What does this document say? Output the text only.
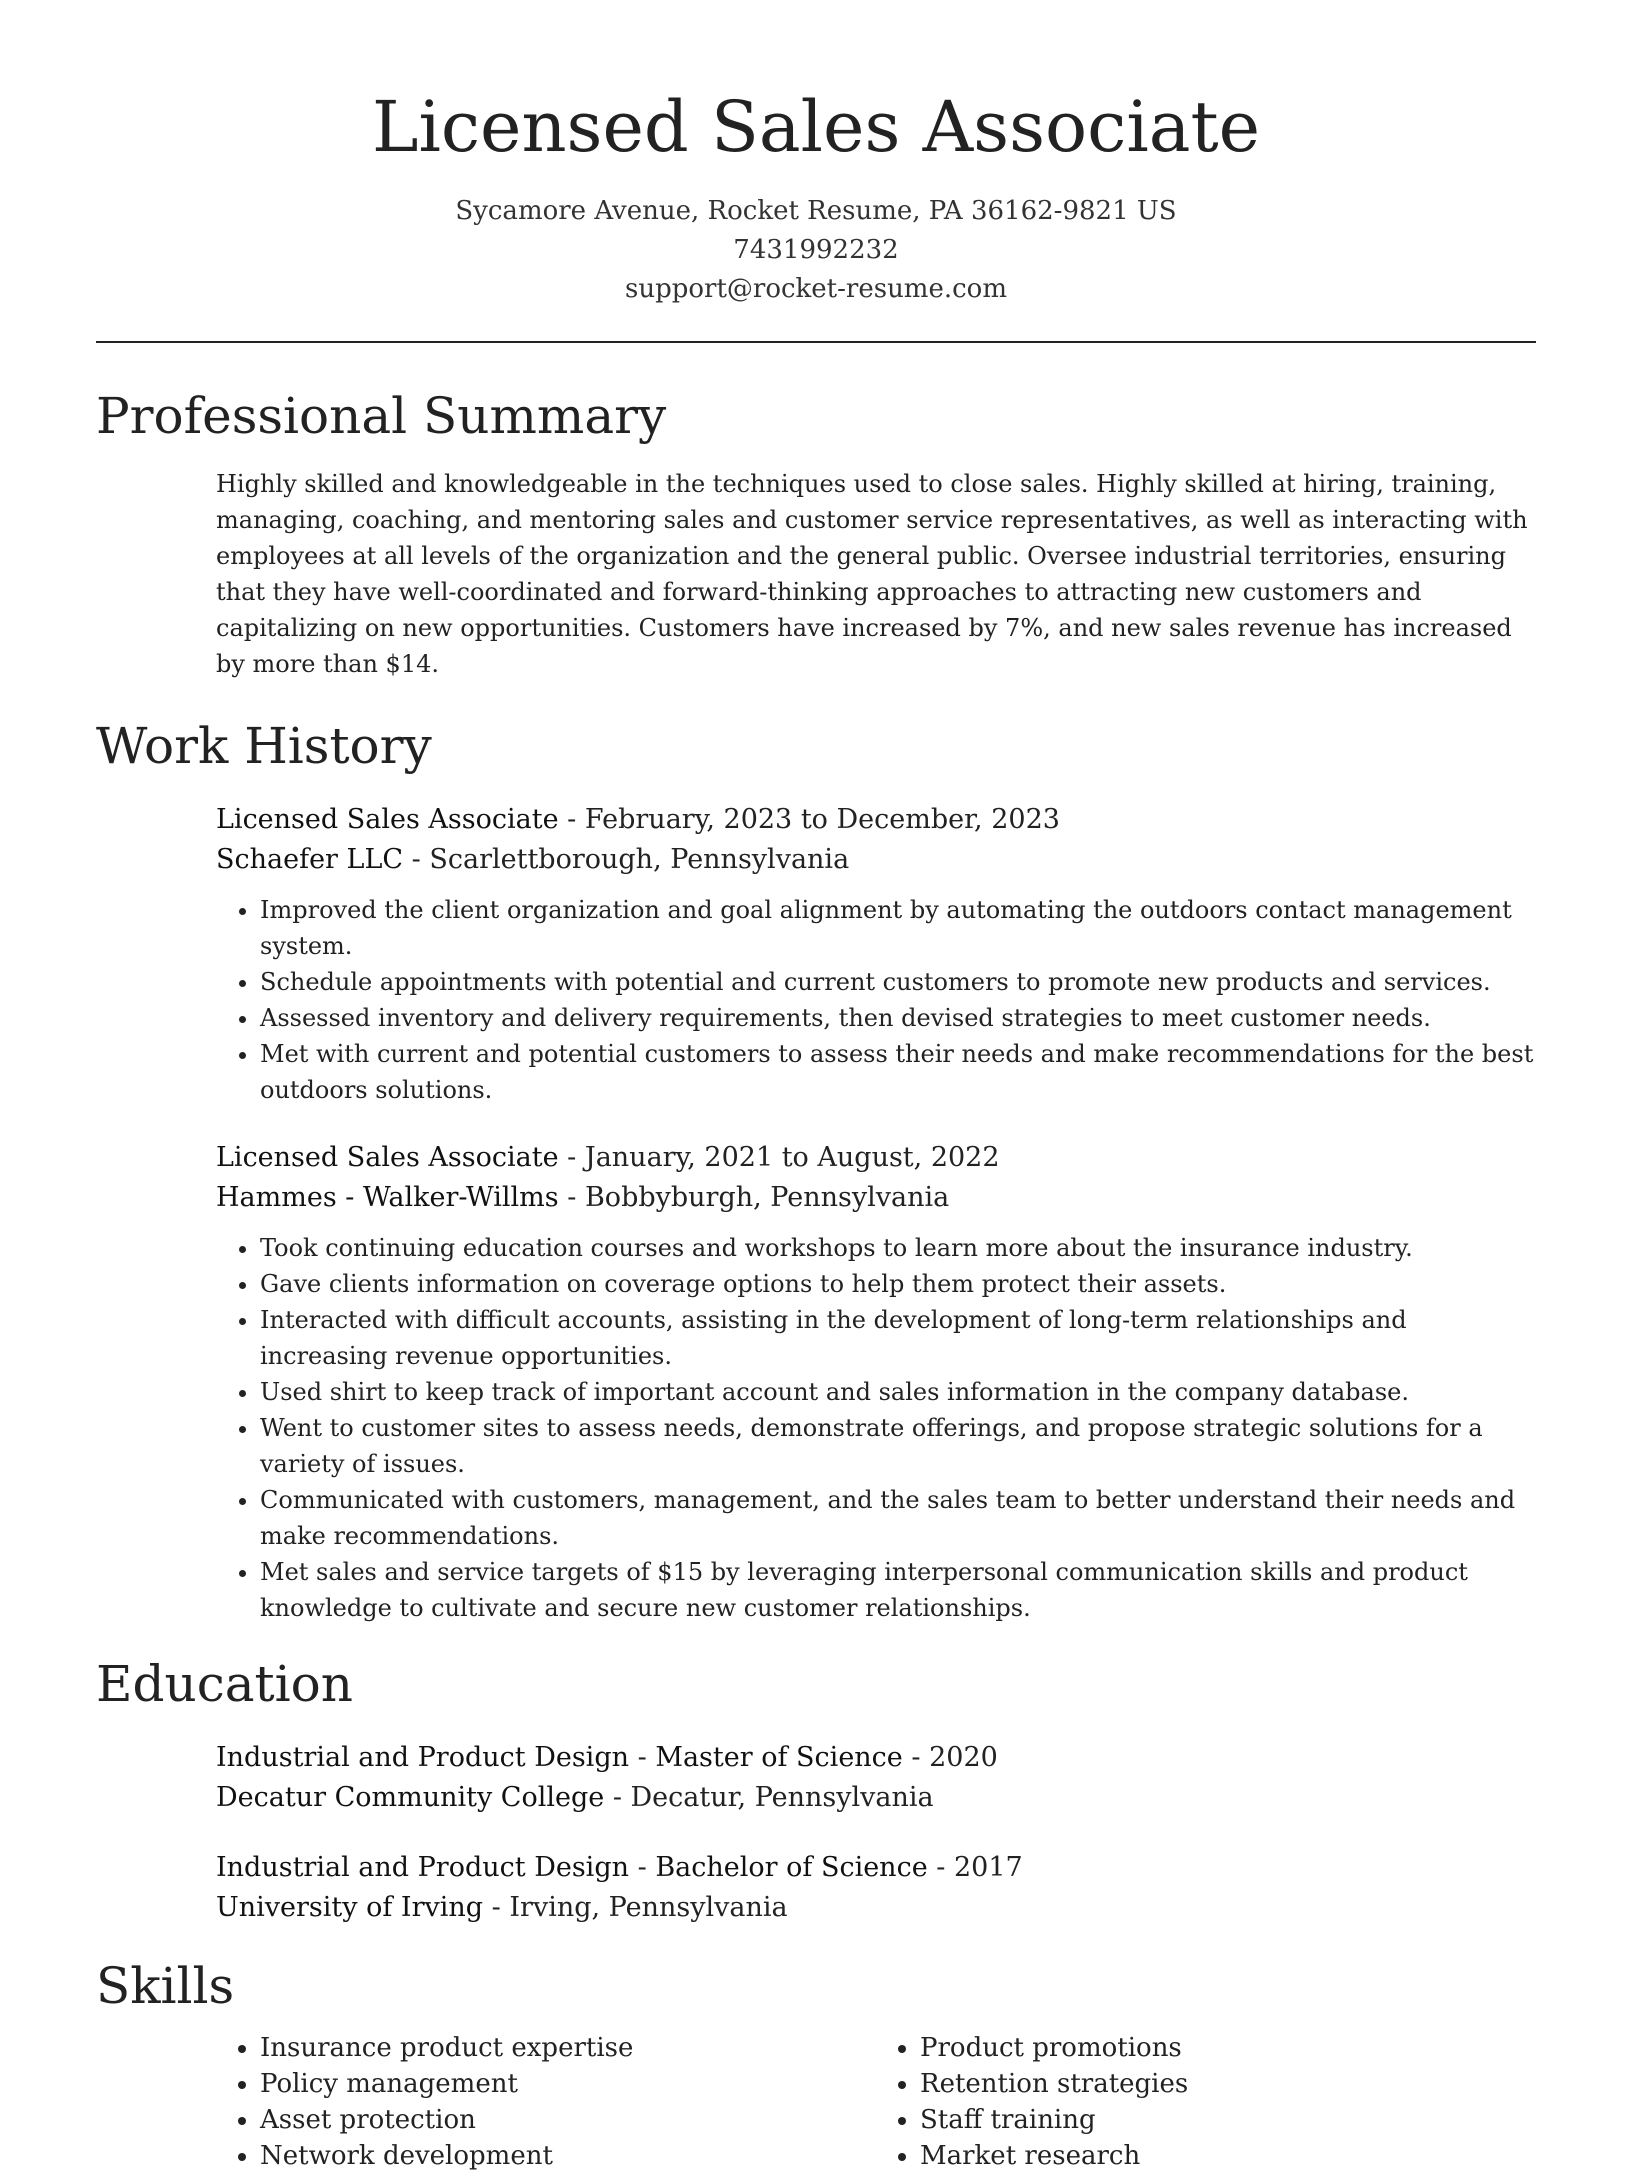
Licensed Sales Associate
Sycamore Avenue, Rocket Resume, PA 36162-9821 US
7431992232
support@rocket-resume.com
Professional Summary

Highly skilled and knowledgeable in the techniques used to close sales. Highly skilled at hiring, training, managing, coaching, and mentoring sales and customer service representatives, as well as interacting with employees at all levels of the organization and the general public. Oversee industrial territories, ensuring that they have well-coordinated and forward-thinking approaches to attracting new customers and capitalizing on new opportunities. Customers have increased by 7%, and new sales revenue has increased by more than $14.

Work History
Licensed Sales Associate - February, 2023 to December, 2023
Schaefer LLC - Scarlettborough, Pennsylvania
• Improved the client organization and goal alignment by automating the outdoors contact management system.
• Schedule appointments with potential and current customers to promote new products and services.
• Assessed inventory and delivery requirements, then devised strategies to meet customer needs.
• Met with current and potential customers to assess their needs and make recommendations for the best outdoors solutions.
Licensed Sales Associate - January, 2021 to August, 2022
Hammes - Walker-Willms - Bobbyburgh, Pennsylvania
• Took continuing education courses and workshops to learn more about the insurance industry.
• Gave clients information on coverage options to help them protect their assets.
• Interacted with difficult accounts, assisting in the development of long-term relationships and increasing revenue opportunities.
• Used shirt to keep track of important account and sales information in the company database.
• Went to customer sites to assess needs, demonstrate offerings, and propose strategic solutions for a variety of issues.
• Communicated with customers, management, and the sales team to better understand their needs and make recommendations.
• Met sales and service targets of $15 by leveraging interpersonal communication skills and product knowledge to cultivate and secure new customer relationships.
Education
Industrial and Product Design - Master of Science - 2020
Decatur Community College - Decatur, Pennsylvania
Industrial and Product Design - Bachelor of Science - 2017
University of Irving - Irving, Pennsylvania
Skills
• Insurance product expertise
• Policy management
• Asset protection
• Network development
• Product promotions
• Retention strategies
• Staff training
• Market research
